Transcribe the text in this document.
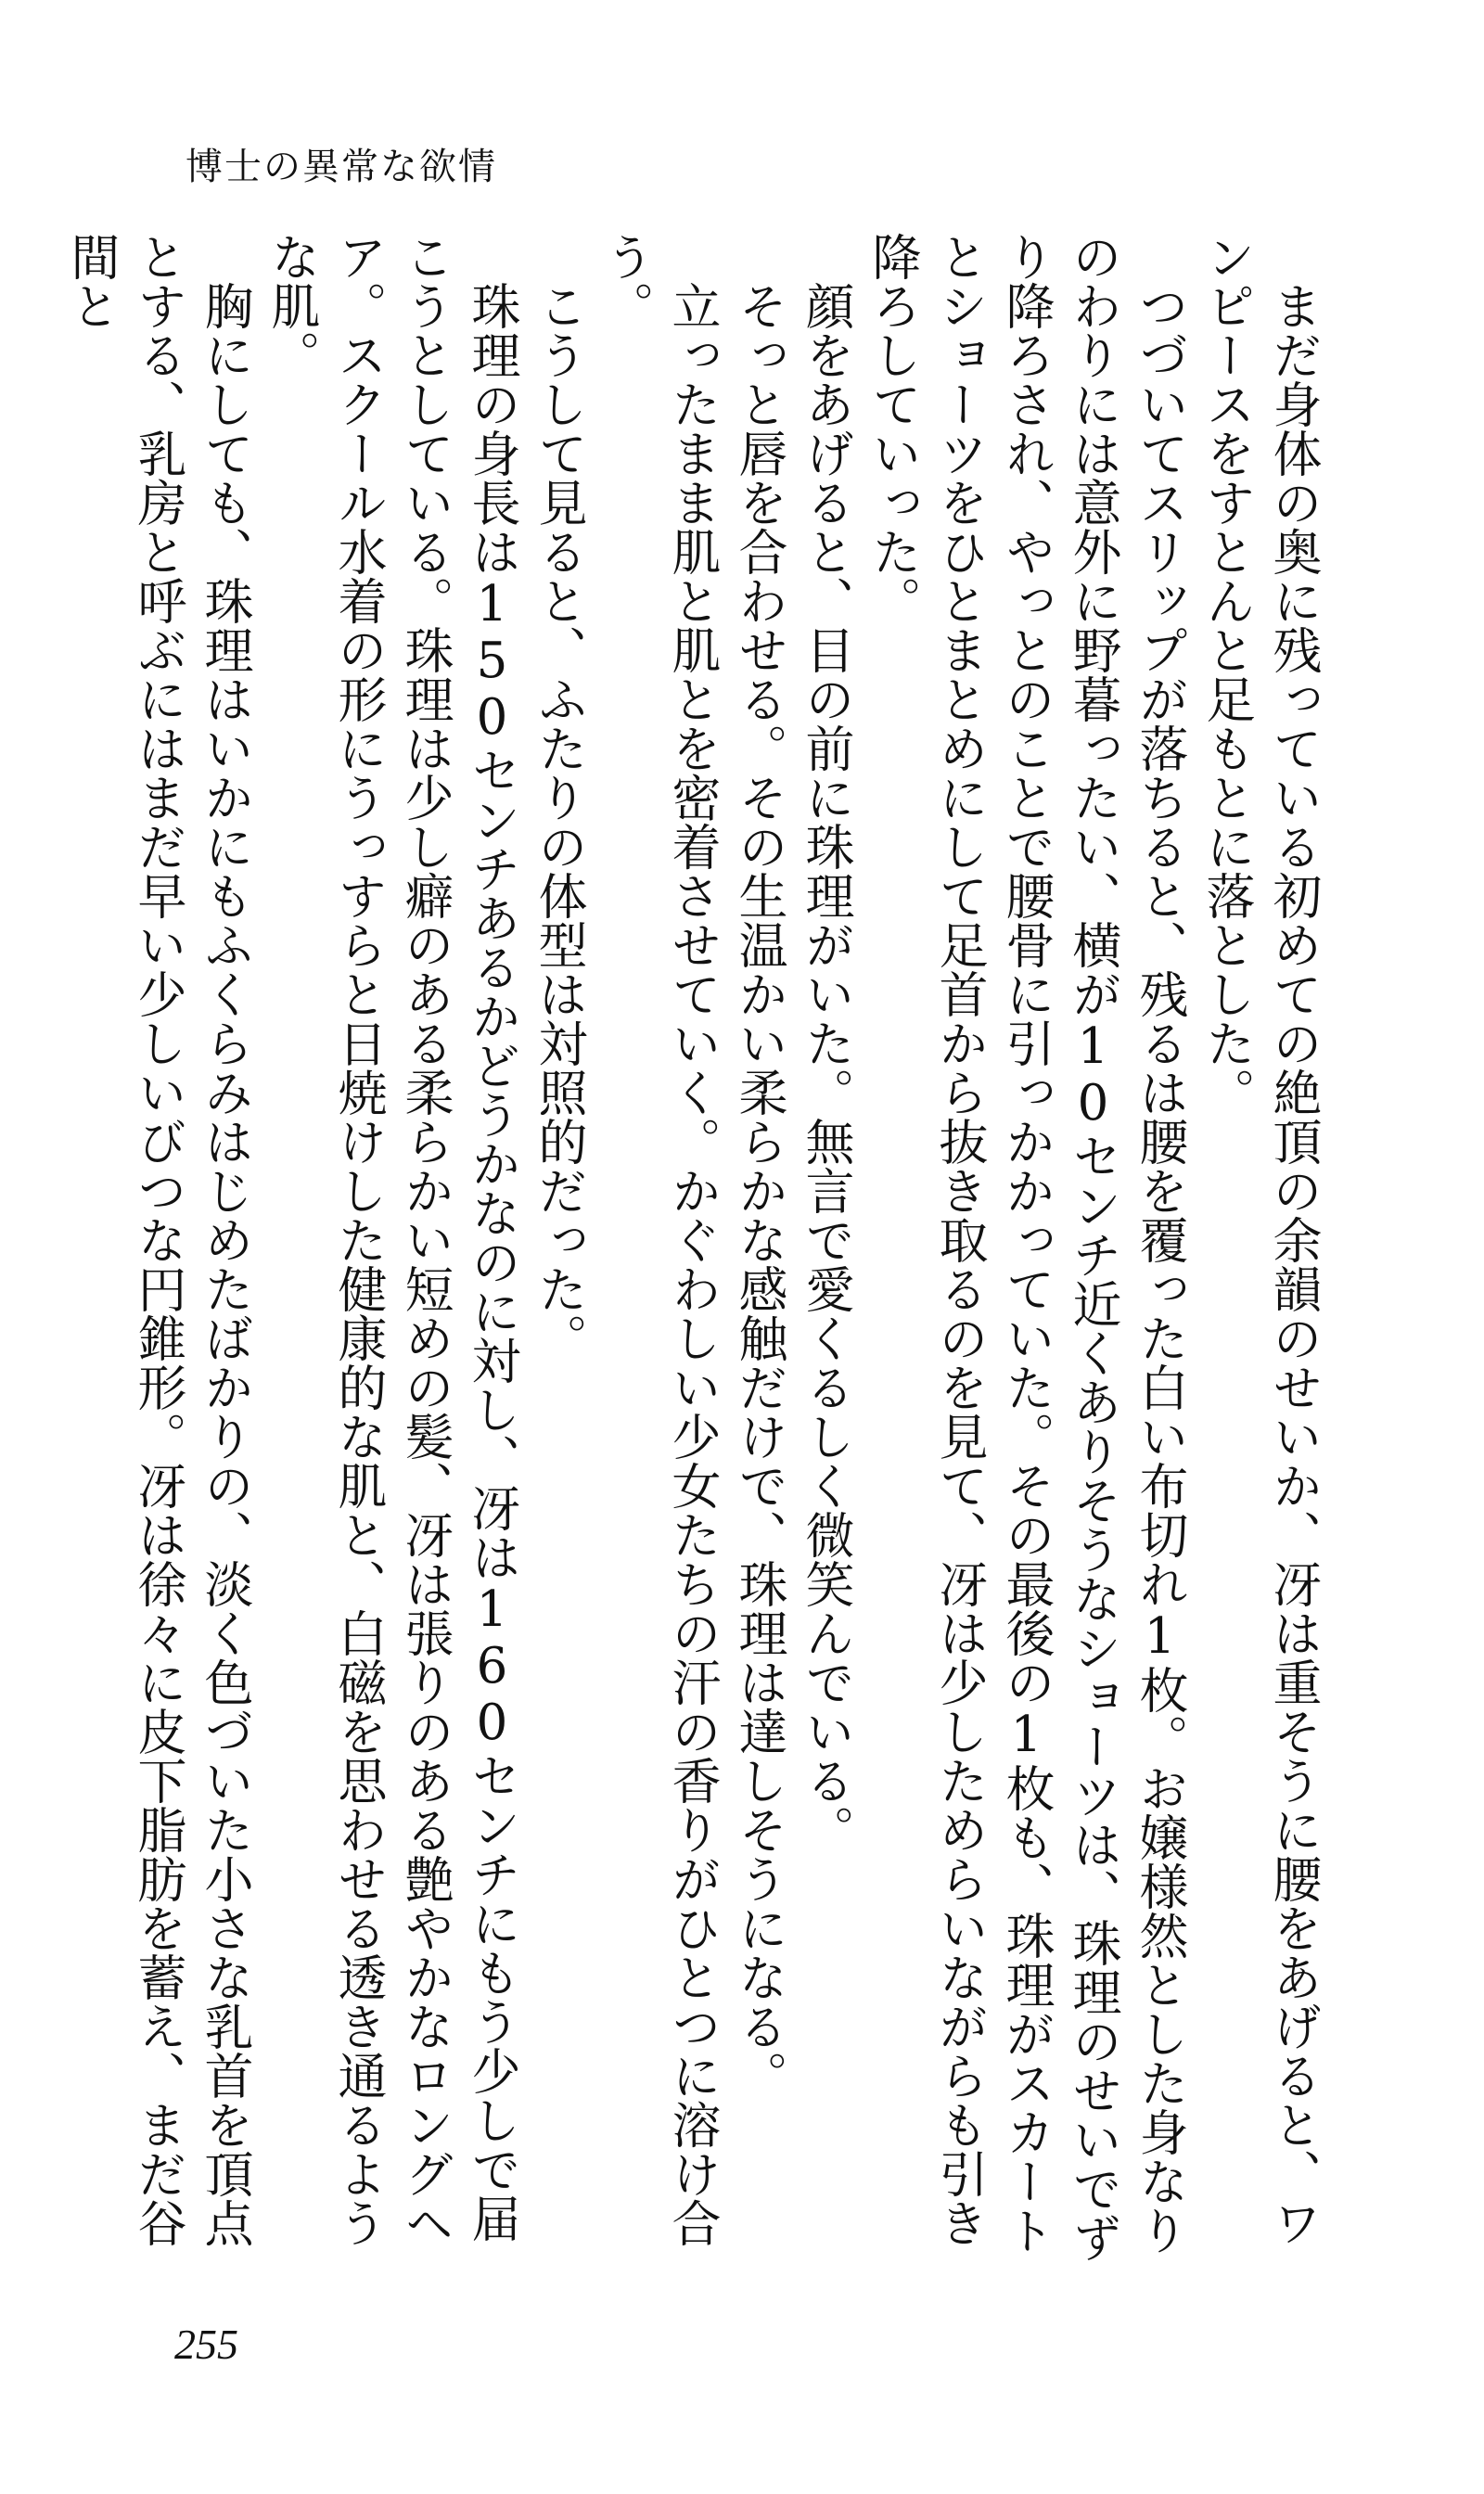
博士の異常な欲情

　まだ身体の奥に残っている初めての絶頂の余韻のせいか、冴は重そうに腰をあげると、ワンピースをすとんと足もとに落とした。

　つづいてスリップが落ちると、残るは腰を覆った白い布切れ1枚。お嬢様然とした身なりのわりには意外に野暮ったい、横が10センチ近くありそうなショーツは、珠理のせいでずり降ろされ、やっとのことで腰骨に引っかかっていた。その最後の1枚も、珠理がスカートとショーツをひとまとめにして足首から抜き取るのを見て、冴は少しためらいながらも引き降ろしていった。

　顔をあげると、目の前に珠理がいた。無言で愛くるしく微笑んでいる。

　そっと唇を合わせる。その生温かい柔らかな感触だけで、珠理は達しそうになる。

　立ったまま肌と肌とを密着させていく。かぐわしい少女たちの汗の香りがひとつに溶け合う。

　こうして見ると、ふたりの体型は対照的だった。

　珠理の身長は150センチあるかどうかなのに対し、冴は160センチにもう少しで届こうとしている。珠理は少し癖のある柔らかい短めの髪、冴は張りのある艶やかなロングヘア。スクール水着の形にうっすらと日焼けした健康的な肌と、白磁を思わせる透き通るような肌。

　胸にしても、珠理はいかにもふくらみはじめたばかりの、淡く色づいた小さな乳首を頂点とする、乳房と呼ぶにはまだ早い少しいびつな円錐形。冴は徐々に皮下脂肪を蓄え、まだ谷間と

255
